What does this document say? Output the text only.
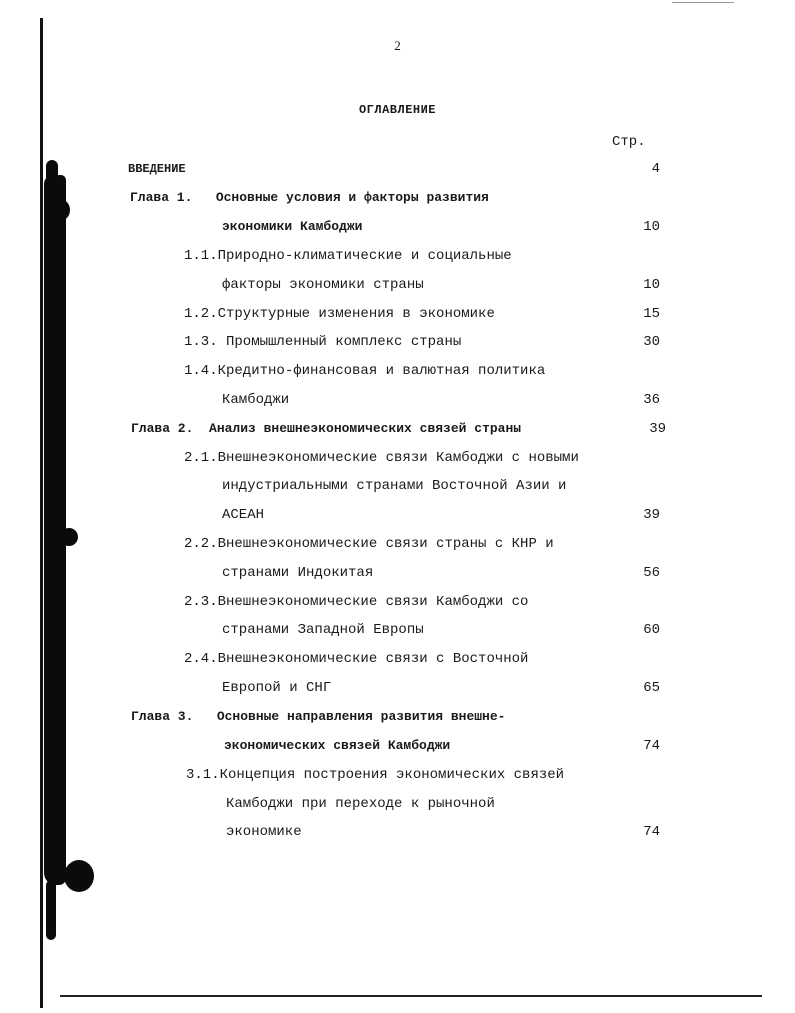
2
ОГЛАВЛЕНИЕ
Стр.
ВВЕДЕНИЕ	4
Глава 1.   Основные условия и факторы развития
экономики Камбоджи	10
1.1.Природно-климатические и социальные
факторы экономики страны	10
1.2.Структурные изменения в экономике	15
1.3. Промышленный комплекс страны	30
1.4.Кредитно-финансовая и валютная политика
Камбоджи	36
Глава 2.  Анализ внешнеэкономических связей страны	39
2.1.Внешнеэкономические связи Камбоджи с новыми
индустриальными странами Восточной Азии и
АСЕАН	39
2.2.Внешнеэкономические связи страны с КНР и
странами Индокитая	56
2.3.Внешнеэкономические связи Камбоджи со
странами Западной Европы	60
2.4.Внешнеэкономические связи с Восточной
Европой и СНГ	65
Глава 3.   Основные направления развития внешне-
экономических связей Камбоджи	74
3.1.Концепция построения экономических связей
Камбоджи при переходе к рыночной
экономике	74
